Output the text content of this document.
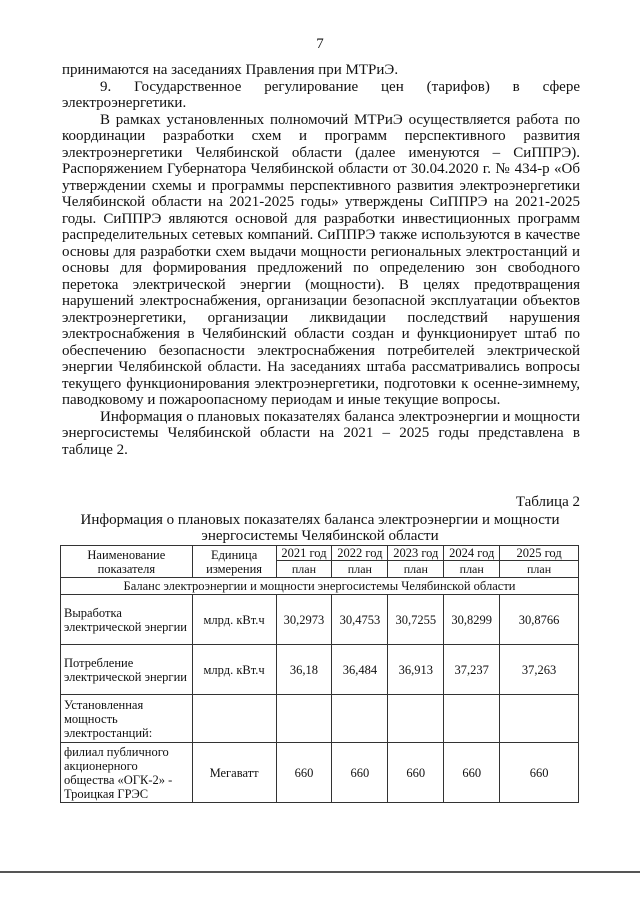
7

принимаются на заседаниях Правления при МТРиЭ.

9. Государственное регулирование цен (тарифов) в сфере электроэнергетики.

В рамках установленных полномочий МТРиЭ осуществляется работа по координации разработки схем и программ перспективного развития электроэнергетики Челябинской области (далее именуются – СиППРЭ). Распоряжением Губернатора Челябинской области от 30.04.2020 г. № 434-р «Об утверждении схемы и программы перспективного развития электроэнергетики Челябинской области на 2021-2025 годы» утверждены СиППРЭ на 2021-2025 годы. СиППРЭ являются основой для разработки инвестиционных программ распределительных сетевых компаний. СиППРЭ также используются в качестве основы для разработки схем выдачи мощности региональных электростанций и основы для формирования предложений по определению зон свободного перетока электрической энергии (мощности). В целях предотвращения нарушений электроснабжения, организации безопасной эксплуатации объектов электроэнергетики, организации ликвидации последствий нарушения электроснабжения в Челябинский области создан и функционирует штаб по обеспечению безопасности электроснабжения потребителей электрической энергии Челябинской области. На заседаниях штаба рассматривались вопросы текущего функционирования электроэнергетики, подготовки к осенне-зимнему, паводковому и пожароопасному периодам и иные текущие вопросы.

Информация о плановых показателях баланса электроэнергии и мощности энергосистемы Челябинской области на 2021 – 2025 годы представлена в таблице 2.

Таблица 2
Информация о плановых показателях баланса электроэнергии и мощности энергосистемы Челябинской области
Наименование показателя	Единица измерения	2021 год	2022 год	2023 год	2024 год	2025 год
		план	план	план	план	план
Баланс электроэнергии и мощности энергосистемы Челябинской области						
Выработка электрической энергии	млрд. кВт.ч	30,2973	30,4753	30,7255	30,8299	30,8766
Потребление электрической энергии	млрд. кВт.ч	36,18	36,484	36,913	37,237	37,263
Установленная мощность электростанций:						
филиал публичного акционерного общества «ОГК-2» - Троицкая ГРЭС	Мегаватт	660	660	660	660	660
